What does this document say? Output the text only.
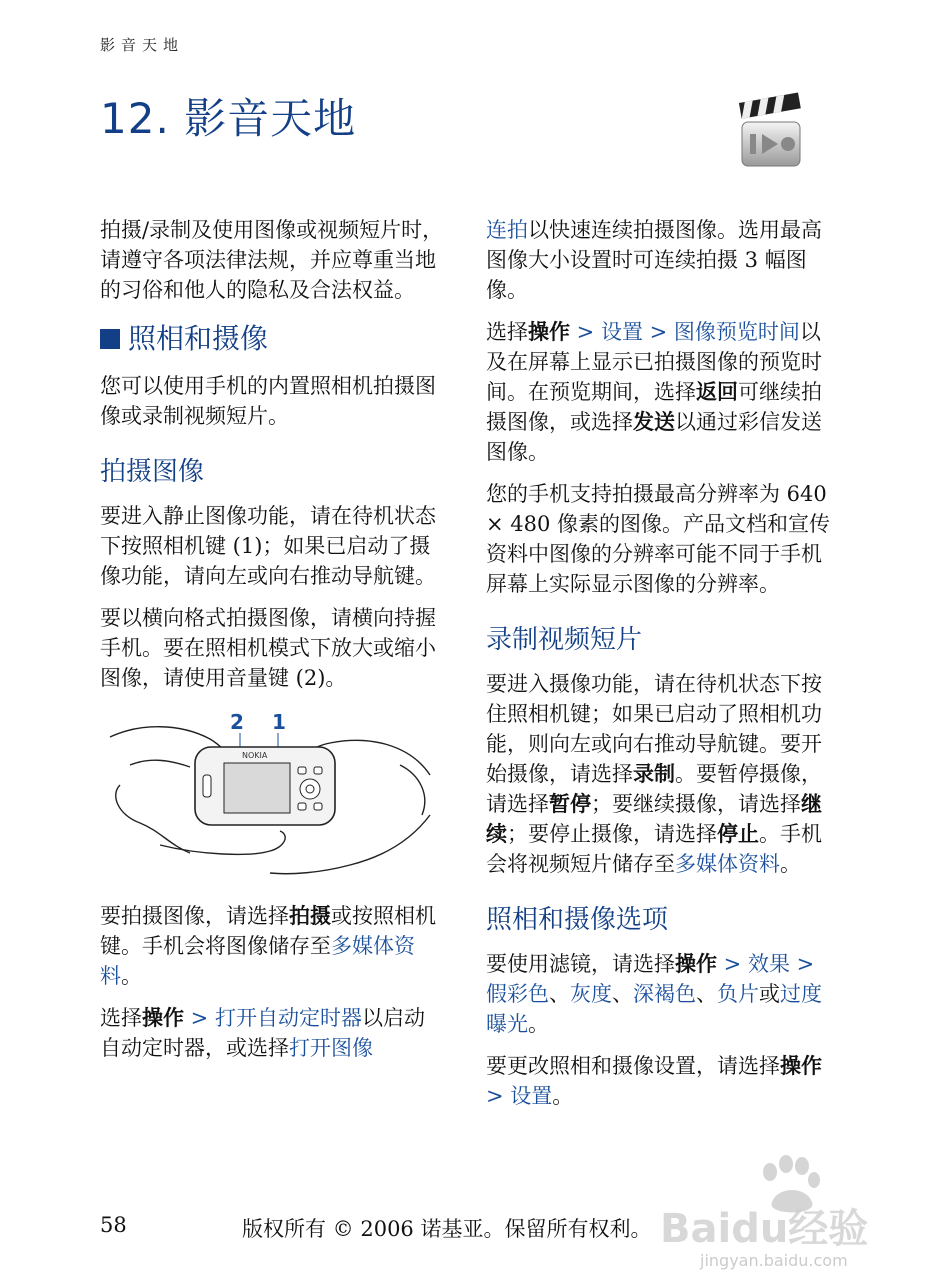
影音天地
12. 影音天地

拍摄/录制及使用图像或视频短片时，请遵守各项法律法规，并应尊重当地的习俗和他人的隐私及合法权益。

照相和摄像

您可以使用手机的内置照相机拍摄图像或录制视频短片。

拍摄图像

要进入静止图像功能，请在待机状态下按照相机键 (1)；如果已启动了摄像功能，请向左或向右推动导航键。

要以横向格式拍摄图像，请横向持握手机。要在照相机模式下放大或缩小图像，请使用音量键 (2)。

2 1
NOKIA

要拍摄图像，请选择拍摄或按照相机键。手机会将图像储存至多媒体资料。

选择操作 > 打开自动定时器以启动自动定时器，或选择打开图像

连拍以快速连续拍摄图像。选用最高图像大小设置时可连续拍摄 3 幅图像。

选择操作 > 设置 > 图像预览时间以及在屏幕上显示已拍摄图像的预览时间。在预览期间，选择返回可继续拍摄图像，或选择发送以通过彩信发送图像。

您的手机支持拍摄最高分辨率为 640 × 480 像素的图像。产品文档和宣传资料中图像的分辨率可能不同于手机屏幕上实际显示图像的分辨率。

录制视频短片

要进入摄像功能，请在待机状态下按住照相机键；如果已启动了照相机功能，则向左或向右推动导航键。要开始摄像，请选择录制。要暂停摄像，请选择暂停；要继续摄像，请选择继续；要停止摄像，请选择停止。手机会将视频短片储存至多媒体资料。

照相和摄像选项

要使用滤镜，请选择操作 > 效果 > 假彩色、灰度、深褐色、负片或过度曝光。

要更改照相和摄像设置，请选择操作 > 设置。

Baidu经验
jingyan.baidu.com
58	版权所有 © 2006 诺基亚。保留所有权利。
